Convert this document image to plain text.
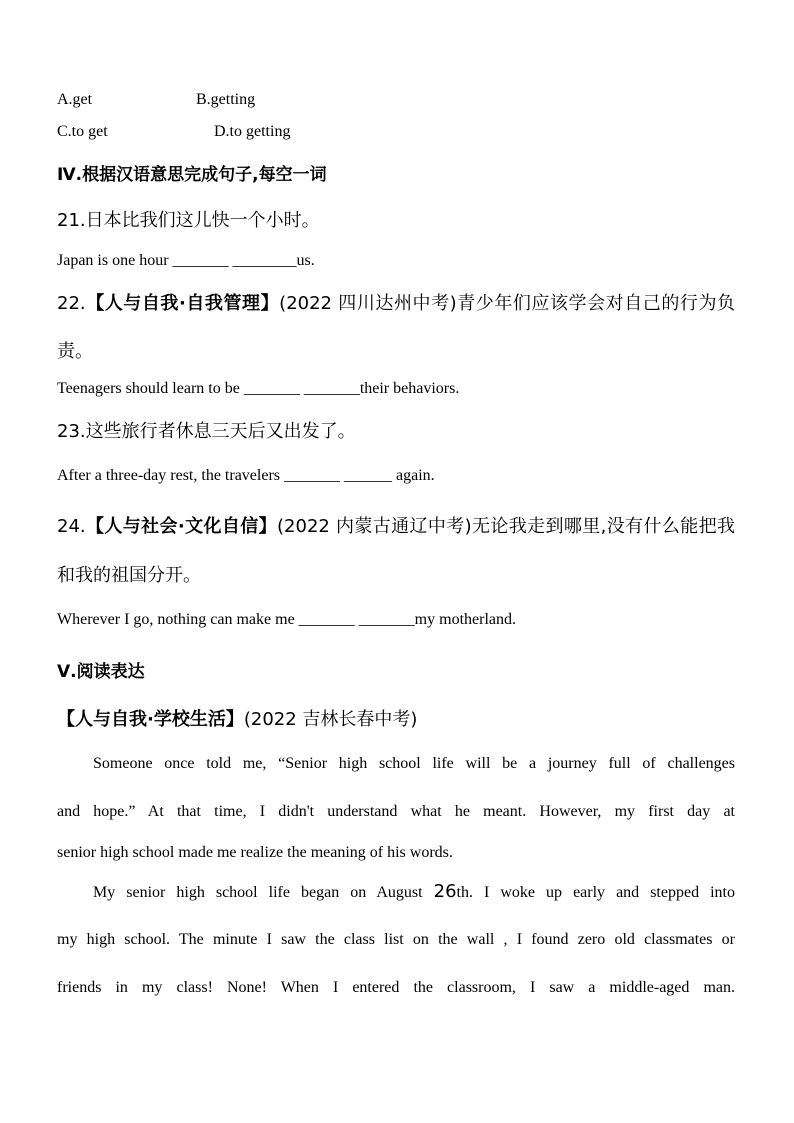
A.get	B.getting
C.to get	D.to getting
Ⅳ.根据汉语意思完成句子,每空一词
21.日本比我们这儿快一个小时。
Japan is one hour _______ ________us.
22.【人与自我·自我管理】(2022 四川达州中考)青少年们应该学会对自己的行为负
责。
Teenagers should learn to be _______ _______their behaviors.
23.这些旅行者休息三天后又出发了。
After a three-day rest, the travelers _______ ______ again.
24.【人与社会·文化自信】(2022 内蒙古通辽中考)无论我走到哪里,没有什么能把我
和我的祖国分开。
Wherever I go, nothing can make me _______ _______my motherland.
Ⅴ.阅读表达
【人与自我·学校生活】(2022 吉林长春中考)
Someone once told me, “Senior high school life will be a journey full of challenges
and hope.” At that time, I didn't understand what he meant. However, my first day at
senior high school made me realize the meaning of his words.
My senior high school life began on August 26th. I woke up early and stepped into
my high school. The minute I saw the class list on the wall , I found zero old classmates or
friends in my class! None! When I entered the classroom, I saw a middle-aged man.
